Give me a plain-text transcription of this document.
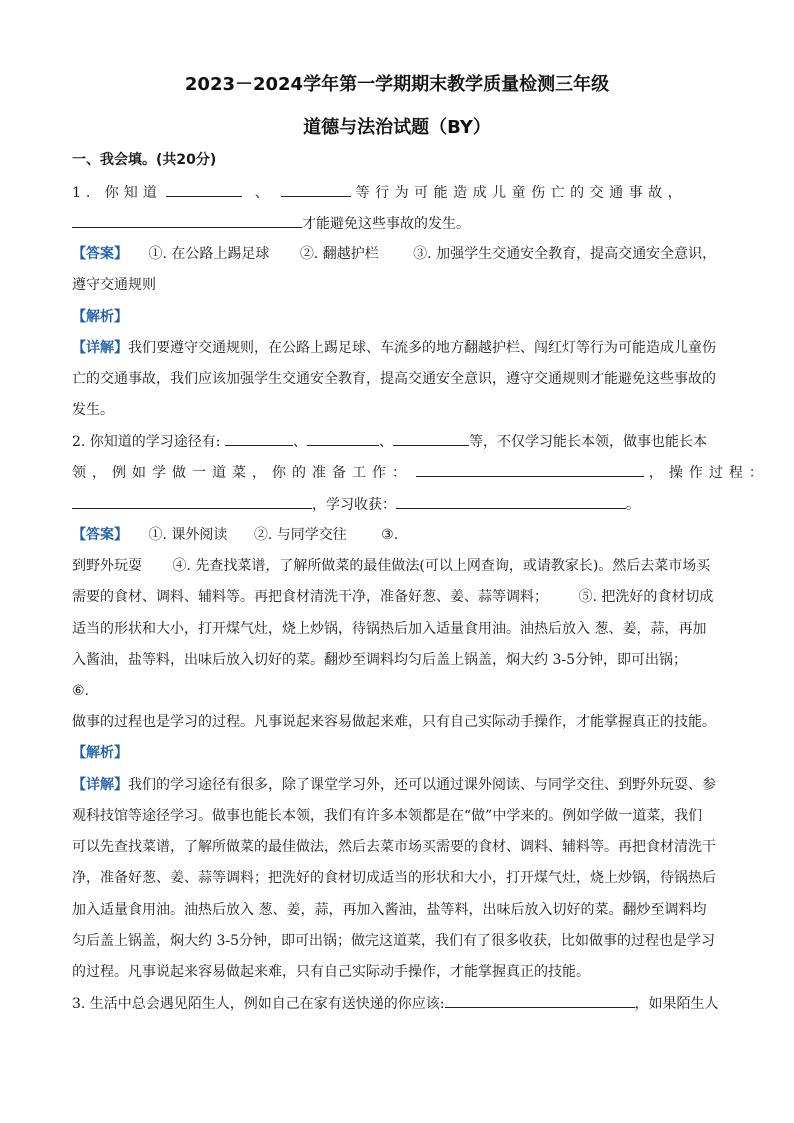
2023－2024学年第一学期期末教学质量检测三年级
道德与法治试题（BY）
一、我会填。(共20分)
1. 你知道	、	等行为可能造成儿童伤亡的交通事故，
才能避免这些事故的发生。
【答案】 ①. 在公路上踢足球 ②. 翻越护栏 ③. 加强学生交通安全教育，提高交通安全意识，
遵守交通规则
【解析】
【详解】我们要遵守交通规则，在公路上踢足球、车流多的地方翻越护栏、闯红灯等行为可能造成儿童伤
亡的交通事故，我们应该加强学生交通安全教育，提高交通安全意识，遵守交通规则才能避免这些事故的
发生。
2. 你知道的学习途径有:	、	、	等，不仅学习能长本领，做事也能长本
领，例如学做一道菜，你的准备工作：	，操作过程：
，学习收获：	。
【答案】 ①. 课外阅读 ②. 与同学交往 ③.
到野外玩耍 ④. 先查找菜谱，了解所做菜的最佳做法(可以上网查询，或请教家长)。然后去菜市场买
需要的食材、调料、辅料等。再把食材清洗干净，准备好葱、姜、蒜等调料； ⑤. 把洗好的食材切成
适当的形状和大小，打开煤气灶，烧上炒锅，待锅热后加入适量食用油。油热后放入 葱、姜，蒜，再加
入酱油，盐等料，出味后放入切好的菜。翻炒至调料均匀后盖上锅盖，焖大约 3-5分钟，即可出锅；
⑥.
做事的过程也是学习的过程。凡事说起来容易做起来难，只有自己实际动手操作，才能掌握真正的技能。
【解析】
【详解】我们的学习途径有很多，除了课堂学习外，还可以通过课外阅读、与同学交往、到野外玩耍、参
观科技馆等途径学习。做事也能长本领，我们有许多本领都是在“做”中学来的。例如学做一道菜，我们
可以先查找菜谱，了解所做菜的最佳做法，然后去菜市场买需要的食材、调料、辅料等。再把食材清洗干
净，准备好葱、姜、蒜等调料；把洗好的食材切成适当的形状和大小，打开煤气灶，烧上炒锅，待锅热后
加入适量食用油。油热后放入 葱、姜，蒜，再加入酱油，盐等料，出味后放入切好的菜。翻炒至调料均
匀后盖上锅盖，焖大约 3-5分钟，即可出锅；做完这道菜，我们有了很多收获，比如做事的过程也是学习
的过程。凡事说起来容易做起来难，只有自己实际动手操作，才能掌握真正的技能。
3. 生活中总会遇见陌生人，例如自己在家有送快递的你应该:	，如果陌生人
